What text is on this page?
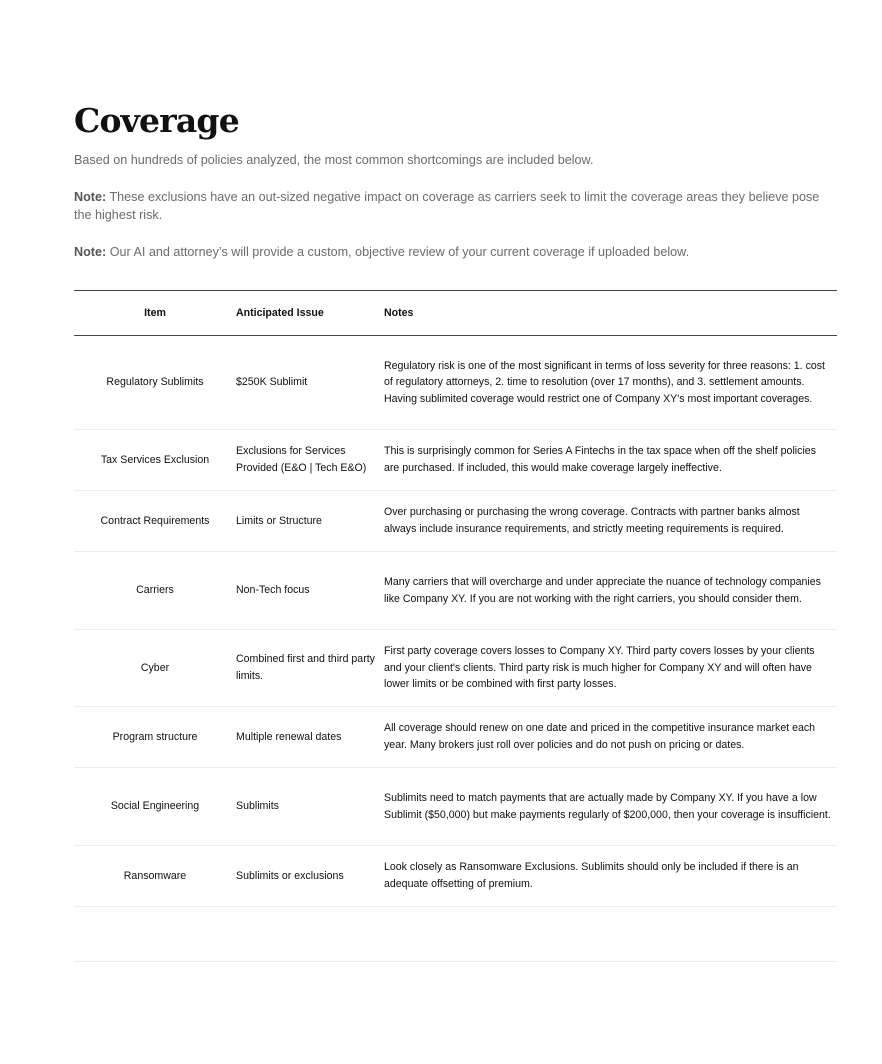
Coverage

Based on hundreds of policies analyzed, the most common shortcomings are included below.

Note: These exclusions have an out-sized negative impact on coverage as carriers seek to limit the coverage areas they believe pose the highest risk.

Note: Our AI and attorney’s will provide a custom, objective review of your current coverage if uploaded below.

Item	Anticipated Issue	Notes
Regulatory Sublimits	$250K Sublimit	Regulatory risk is one of the most significant in terms of loss severity for three reasons: 1. cost of regulatory attorneys, 2. time to resolution (over 17 months), and 3. settlement amounts. Having sublimited coverage would restrict one of Company XY's most important coverages.
Tax Services Exclusion	Exclusions for Services Provided (E&O | Tech E&O)	This is surprisingly common for Series A Fintechs in the tax space when off the shelf policies are purchased. If included, this would make coverage largely ineffective.
Contract Requirements	Limits or Structure	Over purchasing or purchasing the wrong coverage. Contracts with partner banks almost always include insurance requirements, and strictly meeting requirements is required.
Carriers	Non-Tech focus	Many carriers that will overcharge and under appreciate the nuance of technology companies like Company XY. If you are not working with the right carriers, you should consider them.
Cyber	Combined first and third party limits.	First party coverage covers losses to Company XY. Third party covers losses by your clients and your client's clients. Third party risk is much higher for Company XY and will often have lower limits or be combined with first party losses.
Program structure	Multiple renewal dates	All coverage should renew on one date and priced in the competitive insurance market each year. Many brokers just roll over policies and do not push on pricing or dates.
Social Engineering	Sublimits	Sublimits need to match payments that are actually made by Company XY. If you have a low Sublimit ($50,000) but make payments regularly of $200,000, then your coverage is insufficient.
Ransomware	Sublimits or exclusions	Look closely as Ransomware Exclusions. Sublimits should only be included if there is an adequate offsetting of premium.
